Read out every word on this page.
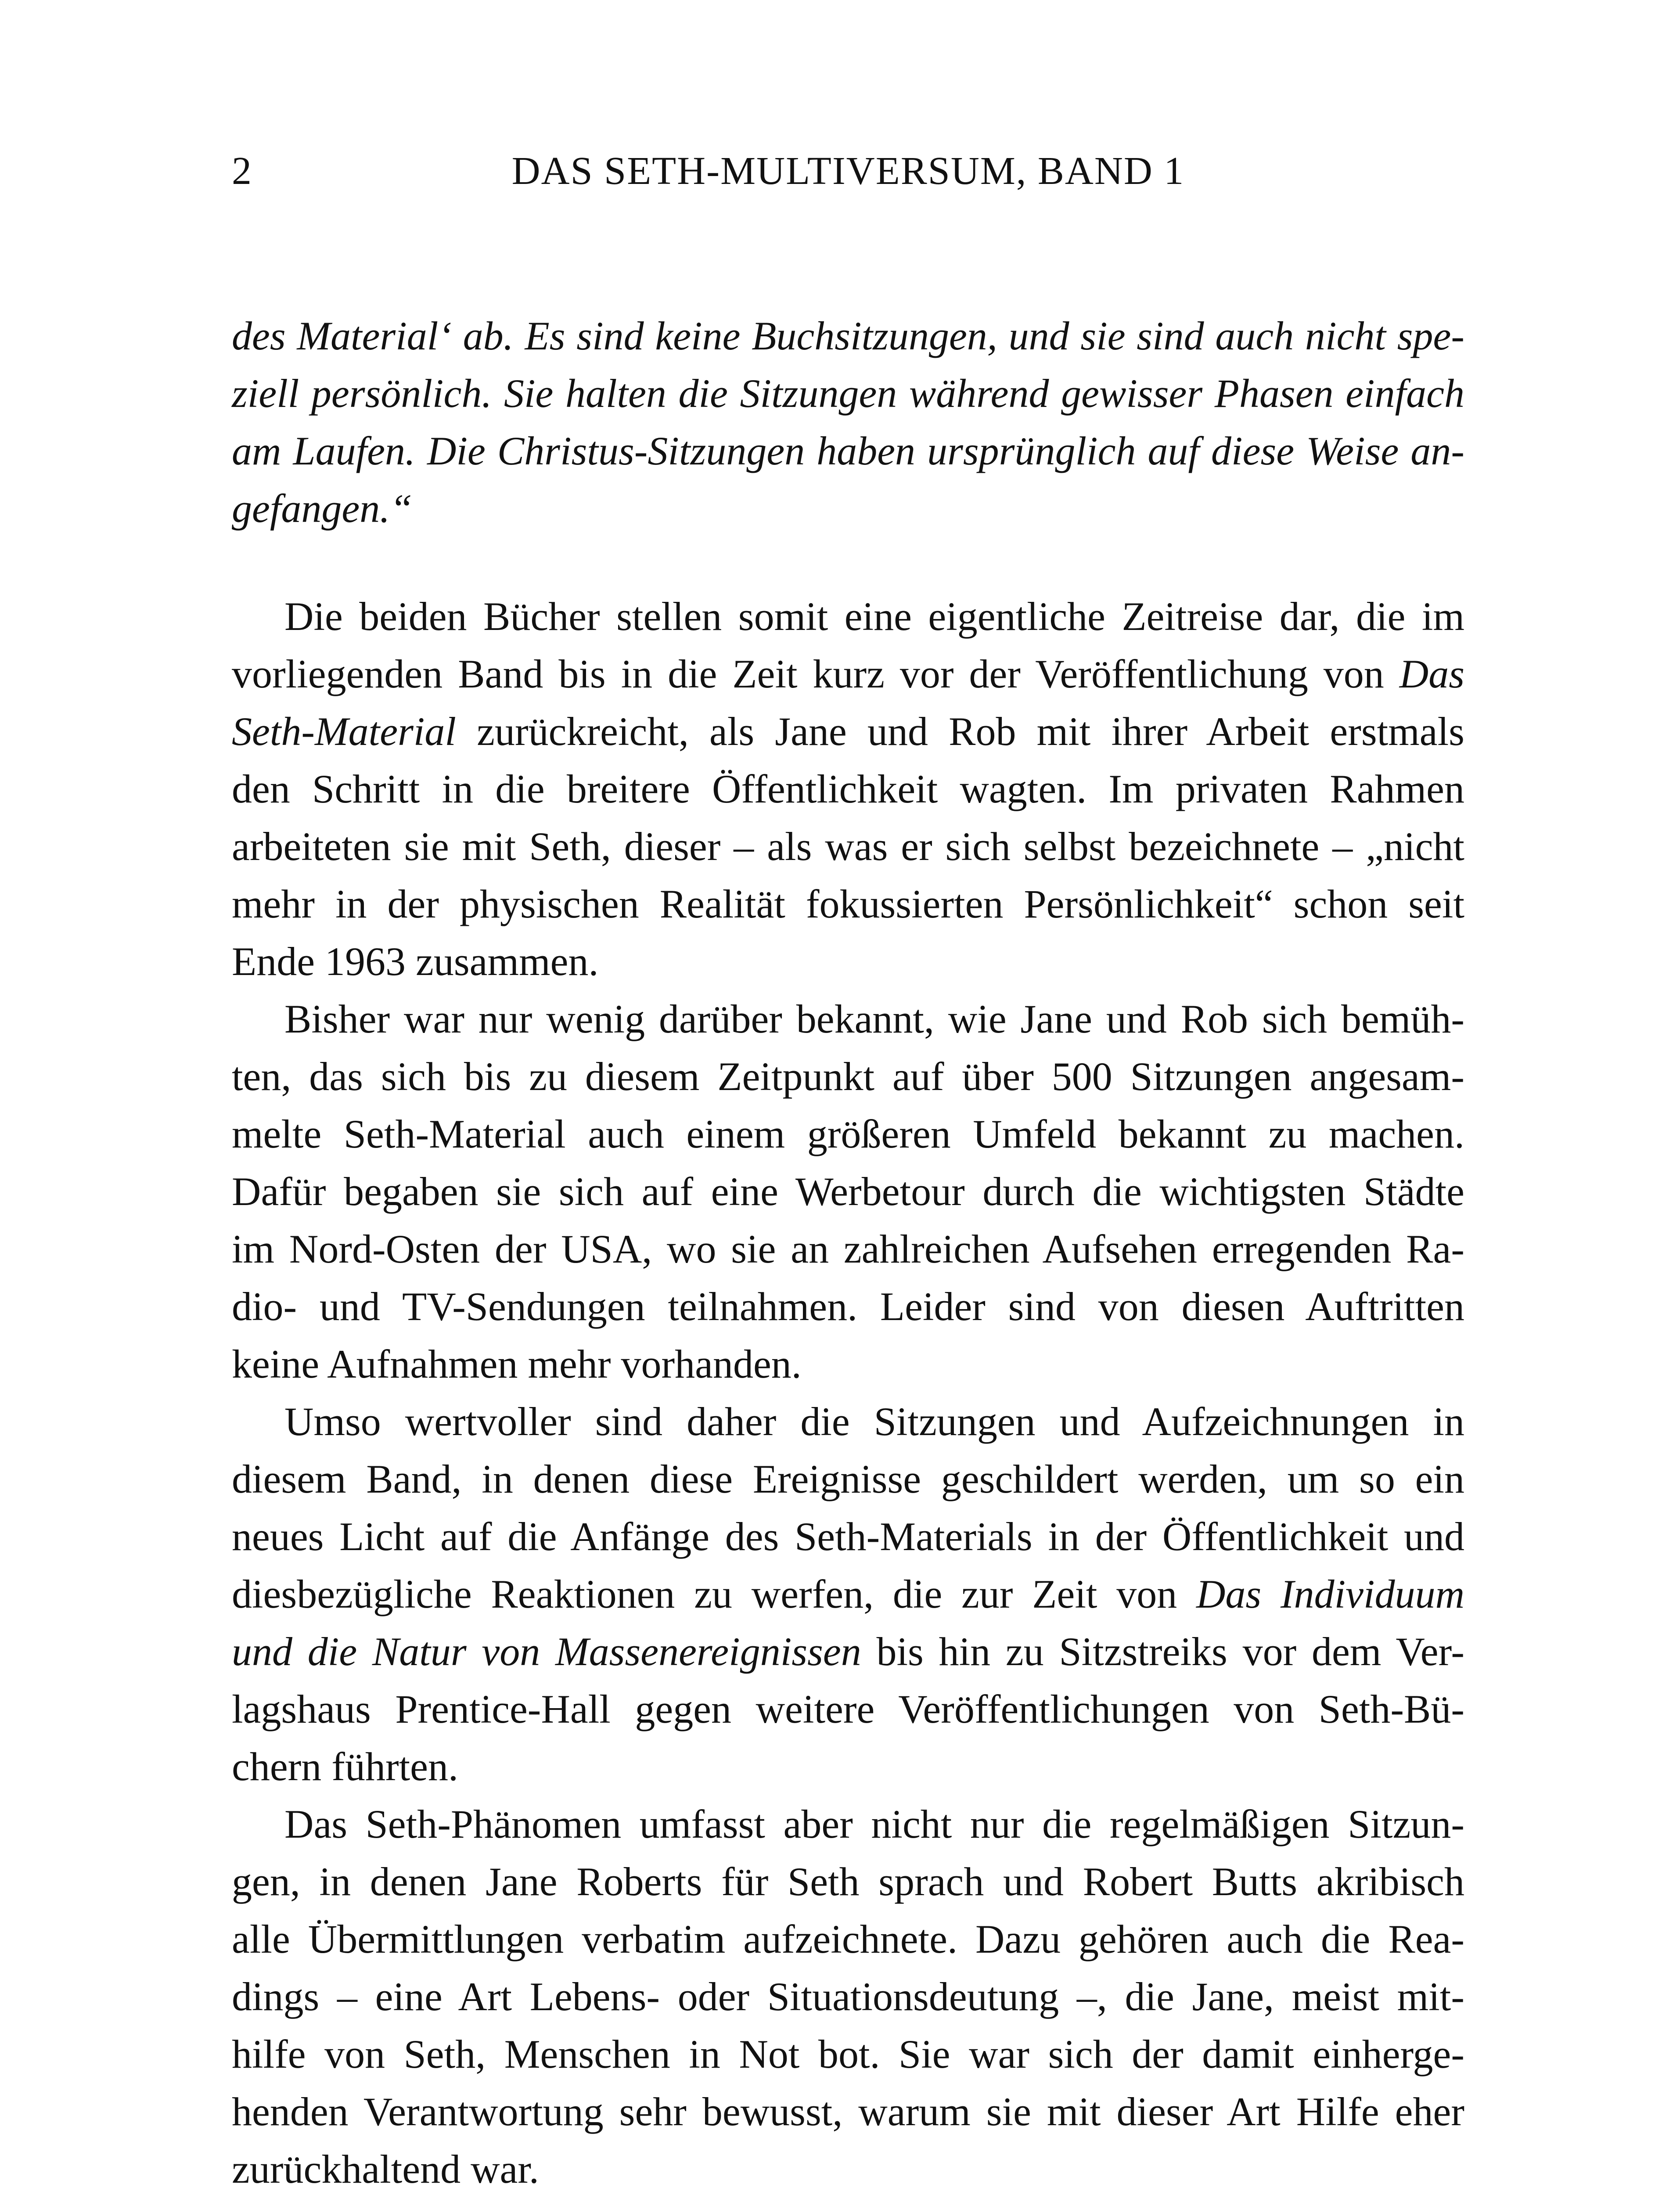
2	DAS SETH-MULTIVERSUM, BAND 1
des Material‘ ab. Es sind keine Buchsitzungen, und sie sind auch nicht spe-
ziell persönlich. Sie halten die Sitzungen während gewisser Phasen einfach
am Laufen. Die Christus-Sitzungen haben ursprünglich auf diese Weise an-
gefangen.“
Die beiden Bücher stellen somit eine eigentliche Zeitreise dar, die im
vorliegenden Band bis in die Zeit kurz vor der Veröffentlichung von Das
Seth-Material zurückreicht, als Jane und Rob mit ihrer Arbeit erstmals
den Schritt in die breitere Öffentlichkeit wagten. Im privaten Rahmen
arbeiteten sie mit Seth, dieser – als was er sich selbst bezeichnete – „nicht
mehr in der physischen Realität fokussierten Persönlichkeit“ schon seit
Ende 1963 zusammen.
Bisher war nur wenig darüber bekannt, wie Jane und Rob sich bemüh-
ten, das sich bis zu diesem Zeitpunkt auf über 500 Sitzungen angesam-
melte Seth-Material auch einem größeren Umfeld bekannt zu machen.
Dafür begaben sie sich auf eine Werbetour durch die wichtigsten Städte
im Nord-Osten der USA, wo sie an zahlreichen Aufsehen erregenden Ra-
dio- und TV-Sendungen teilnahmen. Leider sind von diesen Auftritten
keine Aufnahmen mehr vorhanden.
Umso wertvoller sind daher die Sitzungen und Aufzeichnungen in
diesem Band, in denen diese Ereignisse geschildert werden, um so ein
neues Licht auf die Anfänge des Seth-Materials in der Öffentlichkeit und
diesbezügliche Reaktionen zu werfen, die zur Zeit von Das Individuum
und die Natur von Massenereignissen bis hin zu Sitzstreiks vor dem Ver-
lagshaus Prentice-Hall gegen weitere Veröffentlichungen von Seth-Bü-
chern führten.
Das Seth-Phänomen umfasst aber nicht nur die regelmäßigen Sitzun-
gen, in denen Jane Roberts für Seth sprach und Robert Butts akribisch
alle Übermittlungen verbatim aufzeichnete. Dazu gehören auch die Rea-
dings – eine Art Lebens- oder Situationsdeutung –, die Jane, meist mit-
hilfe von Seth, Menschen in Not bot. Sie war sich der damit einherge-
henden Verantwortung sehr bewusst, warum sie mit dieser Art Hilfe eher
zurückhaltend war.
